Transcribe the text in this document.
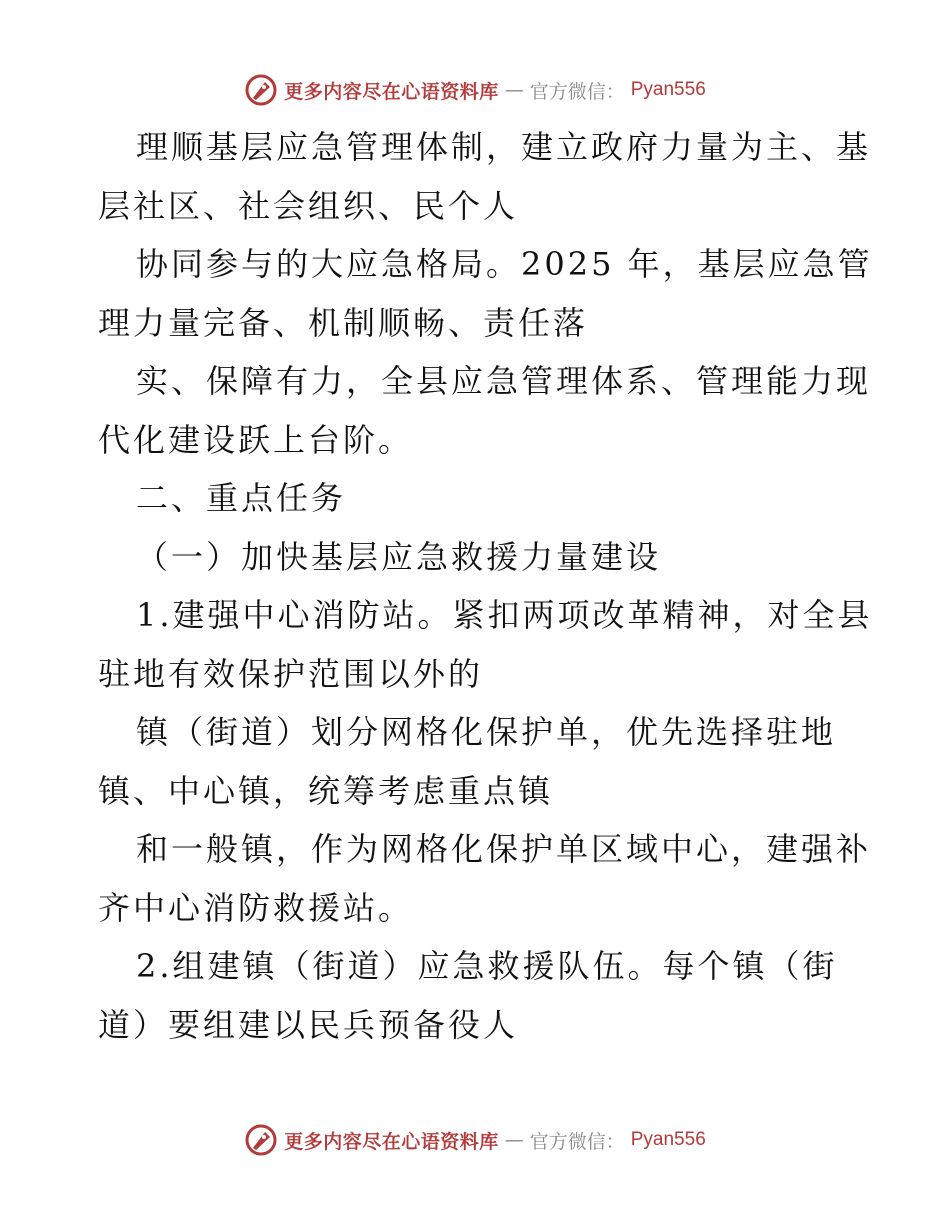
更多内容尽在心语资料库 — 官方微信： Pyan556

理顺基层应急管理体制，建立政府力量为主、基

层社区、社会组织、民个人

协同参与的大应急格局。2025 年，基层应急管

理力量完备、机制顺畅、责任落

实、保障有力，全县应急管理体系、管理能力现

代化建设跃上台阶。

二、重点任务

（一）加快基层应急救援力量建设

1.建强中心消防站。紧扣两项改革精神，对全县

驻地有效保护范围以外的

镇（街道）划分网格化保护单，优先选择驻地

镇、中心镇，统筹考虑重点镇

和一般镇，作为网格化保护单区域中心，建强补

齐中心消防救援站。

2.组建镇（街道）应急救援队伍。每个镇（街

道）要组建以民兵预备役人

更多内容尽在心语资料库 — 官方微信： Pyan556
